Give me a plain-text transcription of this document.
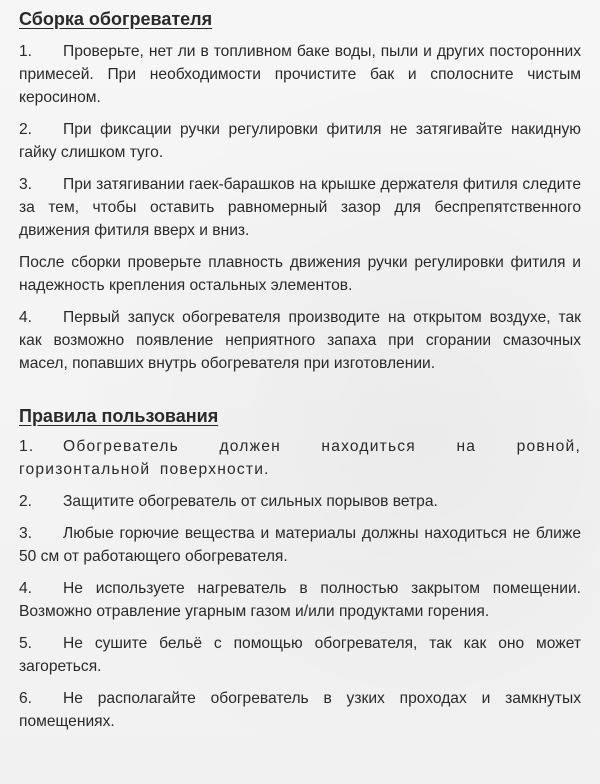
Сборка обогревателя

1. Проверьте, нет ли в топливном баке воды, пыли и других посторонних примесей. При необходимости прочистите бак и сполосните чистым керосином.

2. При фиксации ручки регулировки фитиля не затягивайте накидную гайку слишком туго.

3. При затягивании гаек-барашков на крышке держателя фитиля следите за тем, чтобы оставить равномерный зазор для беспрепятственного движения фитиля вверх и вниз.

После сборки проверьте плавность движения ручки регулировки фитиля и надежность крепления остальных элементов.

4. Первый запуск обогревателя производите на открытом воздухе, так как возможно появление неприятного запаха при сгорании смазочных масел, попавших внутрь обогревателя при изготовлении.

Правила пользования

1. Обогреватель должен находиться на ровной, горизонтальной поверхности.

2. Защитите обогреватель от сильных порывов ветра.

3. Любые горючие вещества и материалы должны находиться не ближе 50 см от работающего обогревателя.

4. Не используете нагреватель в полностью закрытом помещении. Возможно отравление угарным газом и/или продуктами горения.

5. Не сушите бельё с помощью обогревателя, так как оно может загореться.

6. Не располагайте обогреватель в узких проходах и замкнутых помещениях.
